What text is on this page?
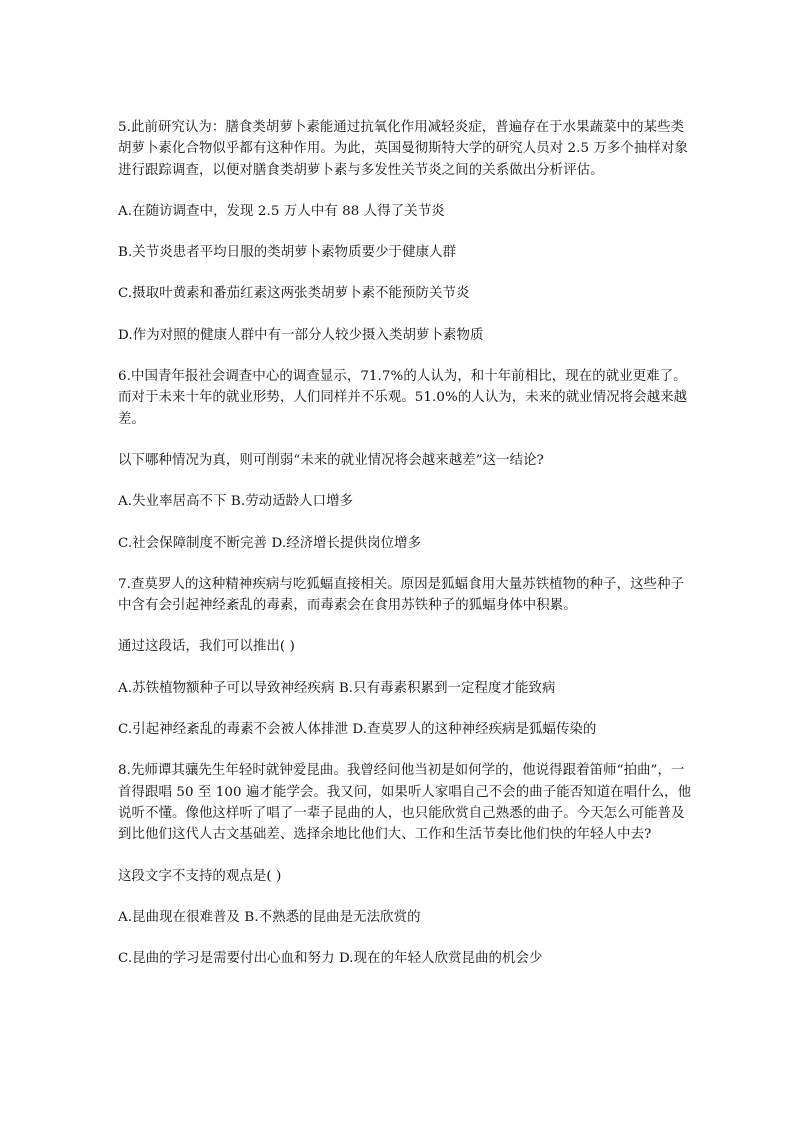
5.此前研究认为：膳食类胡萝卜素能通过抗氧化作用减轻炎症，普遍存在于水果蔬菜中的某些类胡萝卜素化合物似乎都有这种作用。为此，英国曼彻斯特大学的研究人员对 2.5 万多个抽样对象进行跟踪调查，以便对膳食类胡萝卜素与多发性关节炎之间的关系做出分析评估。

A.在随访调查中，发现 2.5 万人中有 88 人得了关节炎

B.关节炎患者平均日服的类胡萝卜素物质要少于健康人群

C.摄取叶黄素和番茄红素这两张类胡萝卜素不能预防关节炎

D.作为对照的健康人群中有一部分人较少摄入类胡萝卜素物质

6.中国青年报社会调查中心的调查显示，71.7%的人认为，和十年前相比，现在的就业更难了。而对于未来十年的就业形势，人们同样并不乐观。51.0%的人认为，未来的就业情况将会越来越差。

以下哪种情况为真，则可削弱“未来的就业情况将会越来越差”这一结论?

A.失业率居高不下 B.劳动适龄人口增多

C.社会保障制度不断完善 D.经济增长提供岗位增多

7.查莫罗人的这种精神疾病与吃狐蝠直接相关。原因是狐蝠食用大量苏铁植物的种子，这些种子中含有会引起神经紊乱的毒素，而毒素会在食用苏铁种子的狐蝠身体中积累。

通过这段话，我们可以推出( )

A.苏铁植物额种子可以导致神经疾病 B.只有毒素积累到一定程度才能致病

C.引起神经紊乱的毒素不会被人体排泄 D.查莫罗人的这种神经疾病是狐蝠传染的

8.先师谭其骧先生年轻时就钟爱昆曲。我曾经问他当初是如何学的，他说得跟着笛师“拍曲”，一首得跟唱 50 至 100 遍才能学会。我又问，如果听人家唱自己不会的曲子能否知道在唱什么，他说听不懂。像他这样听了唱了一辈子昆曲的人，也只能欣赏自己熟悉的曲子。今天怎么可能普及到比他们这代人古文基础差、选择余地比他们大、工作和生活节奏比他们快的年轻人中去?

这段文字不支持的观点是( )

A.昆曲现在很难普及 B.不熟悉的昆曲是无法欣赏的

C.昆曲的学习是需要付出心血和努力 D.现在的年轻人欣赏昆曲的机会少
